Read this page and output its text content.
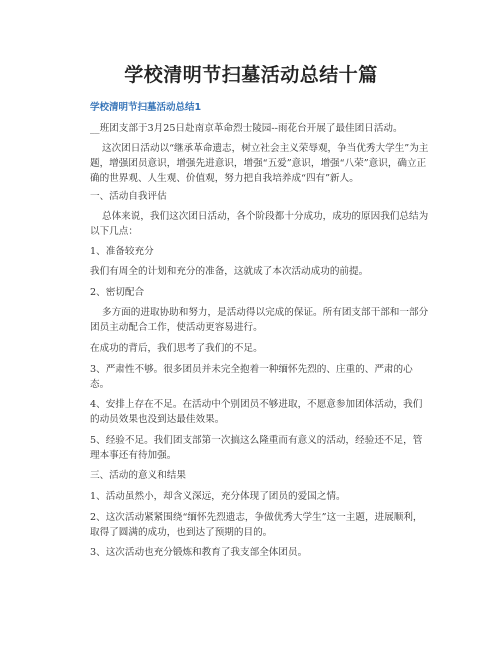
学校清明节扫墓活动总结十篇
学校清明节扫墓活动总结1

__班团支部于3月25日赴南京革命烈士陵园--雨花台开展了最佳团日活动。

这次团日活动以“继承革命遗志，树立社会主义荣辱观，争当优秀大学生”为主题，增强团员意识，增强先进意识，增强“五爱”意识，增强“八荣”意识，确立正确的世界观、人生观、价值观，努力把自我培养成“四有”新人。

一、活动自我评估

总体来说，我们这次团日活动，各个阶段都十分成功，成功的原因我们总结为以下几点：

1、准备较充分

我们有周全的计划和充分的准备，这就成了本次活动成功的前提。

2、密切配合

多方面的进取协助和努力，是活动得以完成的保证。所有团支部干部和一部分团员主动配合工作，使活动更容易进行。

在成功的背后，我们思考了我们的不足。

3、严肃性不够。很多团员并未完全抱着一种缅怀先烈的、庄重的、严肃的心态。

4、安排上存在不足。在活动中个别团员不够进取，不愿意参加团体活动，我们的动员效果也没到达最佳效果。

5、经验不足。我们团支部第一次搞这么隆重而有意义的活动，经验还不足，管理本事还有待加强。

三、活动的意义和结果

1、活动虽然小，却含义深远，充分体现了团员的爱国之情。

2、这次活动紧紧围绕“缅怀先烈遗志，争做优秀大学生”这一主题，进展顺利，取得了圆满的成功，也到达了预期的目的。

3、这次活动也充分锻炼和教育了我支部全体团员。
